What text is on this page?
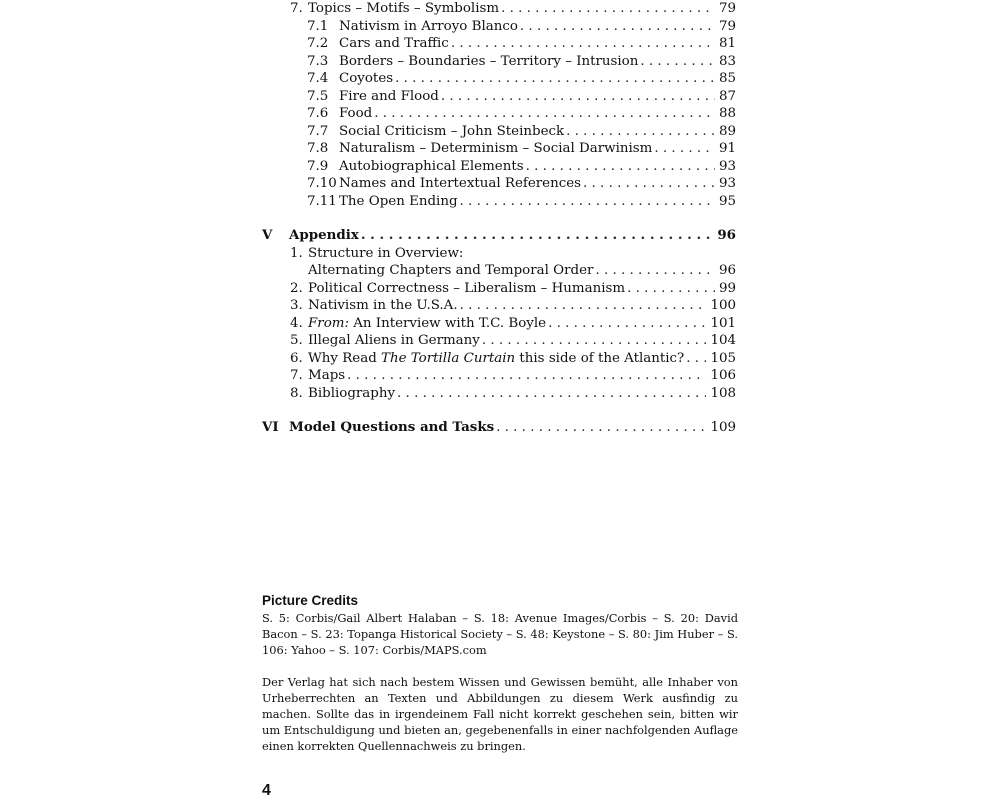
7. Topics – Motifs – Symbolism . . .	79
7.1 Nativism in Arroyo Blanco . . .	79
7.2 Cars and Traffic . . .	81
7.3 Borders – Boundaries – Territory – Intrusion . . .	83
7.4 Coyotes . . .	85
7.5 Fire and Flood . . .	87
7.6 Food . . .	88
7.7 Social Criticism – John Steinbeck . . .	89
7.8 Naturalism – Determinism – Social Darwinism . . .	91
7.9 Autobiographical Elements . . .	93
7.10 Names and Intertextual References . . .	93
7.11 The Open Ending . . .	95
V	Appendix . . .	96
1. Structure in Overview:
Alternating Chapters and Temporal Order . . .	96
2. Political Correctness – Liberalism – Humanism . . .	99
3. Nativism in the U.S.A. . . .	100
4. From: An Interview with T.C. Boyle . . .	101
5. Illegal Aliens in Germany . . .	104
6. Why Read The Tortilla Curtain this side of the Atlantic? . . . 105
7. Maps . . .	106
8. Bibliography . . .	108
VI Model Questions and Tasks . . .	109
Picture Credits

S. 5: Corbis/Gail Albert Halaban – S. 18: Avenue Images/Corbis – S. 20: David Bacon – S. 23: Topanga Historical Society – S. 48: Keystone – S. 80: Jim Huber – S. 106: Yahoo – S. 107: Corbis/MAPS.com

Der Verlag hat sich nach bestem Wissen und Gewissen bemüht, alle Inhaber von Urheberrechten an Texten und Abbildungen zu diesem Werk ausfindig zu machen. Sollte das in irgendeinem Fall nicht korrekt geschehen sein, bitten wir um Entschuldigung und bieten an, gegebenenfalls in einer nachfolgenden Auflage einen korrekten Quellennachweis zu bringen.

4
